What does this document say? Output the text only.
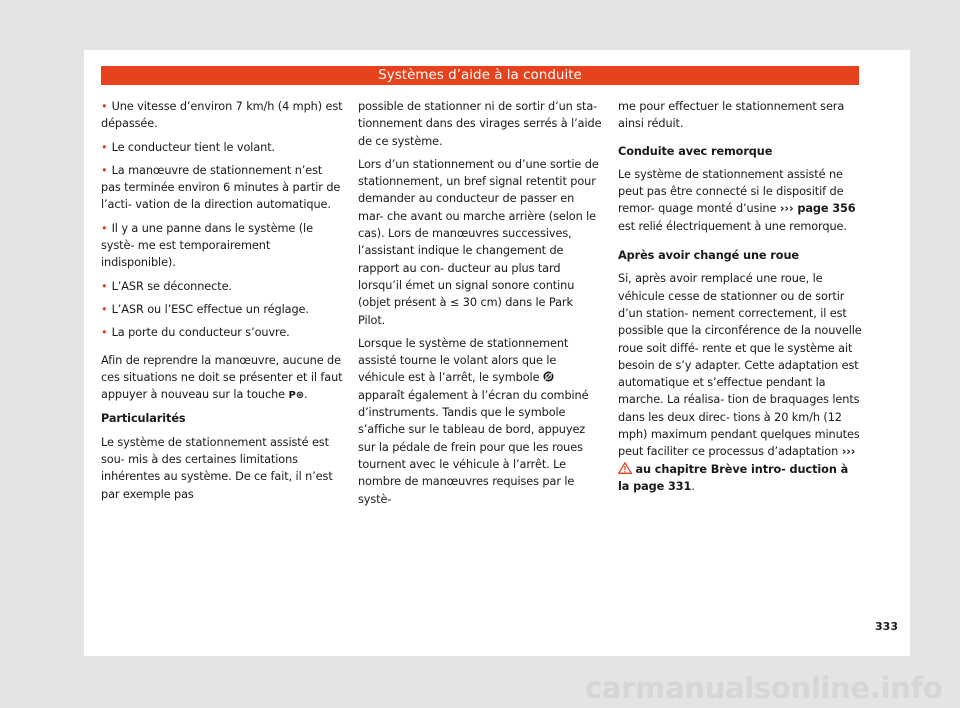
Systèmes d’aide à la conduite

• Une vitesse d’environ 7 km/h (4 mph) est dépassée.

• Le conducteur tient le volant.

• La manœuvre de stationnement n’est pas terminée environ 6 minutes à partir de l’acti- vation de la direction automatique.

• Il y a une panne dans le système (le systè- me est temporairement indisponible).

• L’ASR se déconnecte.

• L’ASR ou l’ESC effectue un réglage.

• La porte du conducteur s’ouvre.

Afin de reprendre la manœuvre, aucune de ces situations ne doit se présenter et il faut appuyer à nouveau sur la touche P⊛.

Particularités

Le système de stationnement assisté est sou- mis à des certaines limitations inhérentes au système. De ce fait, il n’est par exemple pas

possible de stationner ni de sortir d’un sta- tionnement dans des virages serrés à l’aide de ce système.

Lors d’un stationnement ou d’une sortie de stationnement, un bref signal retentit pour demander au conducteur de passer en mar- che avant ou marche arrière (selon le cas). Lors de manœuvres successives, l’assistant indique le changement de rapport au con- ducteur au plus tard lorsqu’il émet un signal sonore continu (objet présent à ≤ 30 cm) dans le Park Pilot.

Lorsque le système de stationnement assisté tourne le volant alors que le véhicule est à l’arrêt, le symbole  apparaît également à l’écran du combiné d’instruments. Tandis que le symbole s’affiche sur le tableau de bord, appuyez sur la pédale de frein pour que les roues tournent avec le véhicule à l’arrêt. Le nombre de manœuvres requises par le systè-

me pour effectuer le stationnement sera ainsi réduit.

Conduite avec remorque

Le système de stationnement assisté ne peut pas être connecté si le dispositif de remor- quage monté d’usine ››› page 356 est relié électriquement à une remorque.

Après avoir changé une roue

Si, après avoir remplacé une roue, le véhicule cesse de stationner ou de sortir d’un station- nement correctement, il est possible que la circonférence de la nouvelle roue soit diffé- rente et que le système ait besoin de s’y adapter. Cette adaptation est automatique et s’effectue pendant la marche. La réalisa- tion de braquages lents dans les deux direc- tions à 20 km/h (12 mph) maximum pendant quelques minutes peut faciliter ce processus d’adaptation ›››  au chapitre Brève intro- duction à la page 331.

333
carmanualsonline.info
